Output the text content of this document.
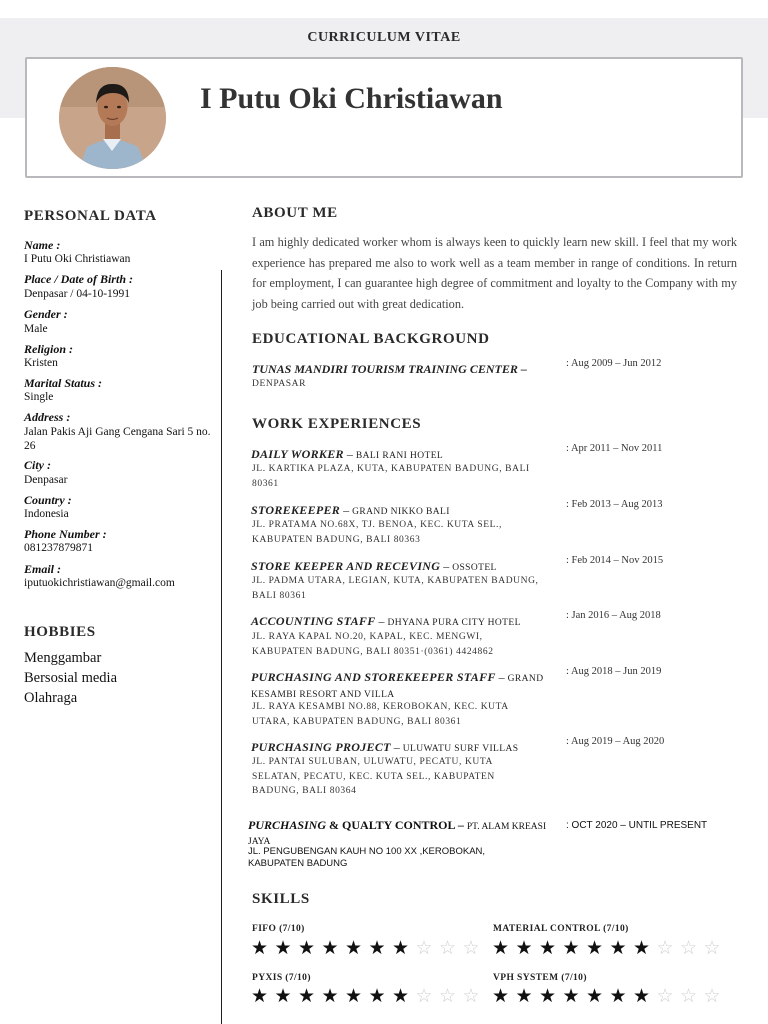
CURRICULUM VITAE
I Putu Oki Christiawan
PERSONAL DATA
Name :
I Putu Oki Christiawan
Place / Date of Birth :
Denpasar / 04-10-1991
Gender :
Male
Religion :
Kristen
Marital Status :
Single
Address :
Jalan Pakis Aji Gang Cengana Sari 5 no. 26
City :
Denpasar
Country :
Indonesia
Phone Number :
081237879871
Email :
iputuokichristiawan@gmail.com
HOBBIES
Menggambar
Bersosial media
Olahraga
ABOUT ME
I am highly dedicated worker whom is always keen to quickly learn new skill. I feel that my work experience has prepared me also to work well as a team member in range of conditions. In return for employment, I can guarantee high degree of commitment and loyalty to the Company with my job being carried out with great dedication.
EDUCATIONAL BACKGROUND
TUNAS MANDIRI TOURISM TRAINING CENTER –
DENPASAR
: Aug 2009 – Jun 2012
WORK EXPERIENCES
DAILY WORKER – BALI RANI HOTEL
JL. KARTIKA PLAZA, KUTA, KABUPATEN BADUNG, BALI 80361
: Apr 2011 – Nov 2011
STOREKEEPER – GRAND NIKKO BALI
JL. PRATAMA NO.68X, TJ. BENOA, KEC. KUTA SEL., KABUPATEN BADUNG, BALI 80363
: Feb 2013 – Aug 2013
STORE KEEPER AND RECEVING – OSSOTEL
JL. PADMA UTARA, LEGIAN, KUTA, KABUPATEN BADUNG, BALI 80361
: Feb 2014 – Nov 2015
ACCOUNTING STAFF – DHYANA PURA CITY HOTEL
JL. RAYA KAPAL NO.20, KAPAL, KEC. MENGWI, KABUPATEN BADUNG, BALI 80351·(0361) 4424862
: Jan 2016 – Aug 2018
PURCHASING AND STOREKEEPER STAFF – GRAND KESAMBI RESORT AND VILLA
JL. RAYA KESAMBI NO.88, KEROBOKAN, KEC. KUTA UTARA, KABUPATEN BADUNG, BALI 80361
: Aug 2018 – Jun 2019
PURCHASING PROJECT – ULUWATU SURF VILLAS
JL. PANTAI SULUBAN, ULUWATU, PECATU, KUTA SELATAN, PECATU, KEC. KUTA SEL., KABUPATEN BADUNG, BALI 80364
: Aug 2019 – Aug 2020
PURCHASING & QUALTY CONTROL – PT. ALAM KREASI JAYA
JL. PENGUBENGAN KAUH NO 100 XX ,KEROBOKAN, KABUPATEN BADUNG
: OCT 2020 – UNTIL PRESENT
SKILLS
FIFO (7/10)
★ ★ ★ ★ ★ ★ ★ ☆ ☆ ☆
MATERIAL CONTROL (7/10)
★ ★ ★ ★ ★ ★ ★ ☆ ☆ ☆
PYXIS (7/10)
★ ★ ★ ★ ★ ★ ★ ☆ ☆ ☆
VPH SYSTEM (7/10)
★ ★ ★ ★ ★ ★ ★ ☆ ☆ ☆
